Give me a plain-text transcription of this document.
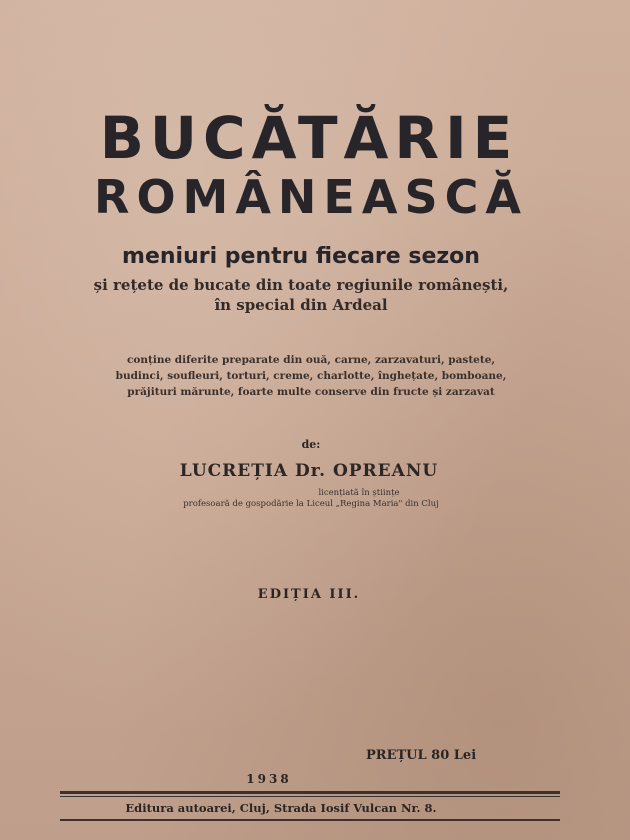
BUCĂTĂRIE
ROMÂNEASCĂ
meniuri pentru fiecare sezon
și rețete de bucate din toate regiunile românești,
în special din Ardeal
conține diferite preparate din ouă, carne, zarzavaturi, pastete,
budinci, soufleuri, torturi, creme, charlotte, înghețate, bomboane,
prăjituri mărunte, foarte multe conserve din fructe și zarzavat
de:
LUCREȚIA Dr. OPREANU
licențiată în științe
profesoară de gospodărie la Liceul „Regina Maria" din Cluj
EDIȚIA III.
PREȚUL 80 Lei
1938
Editura autoarei, Cluj, Strada Iosif Vulcan Nr. 8.
